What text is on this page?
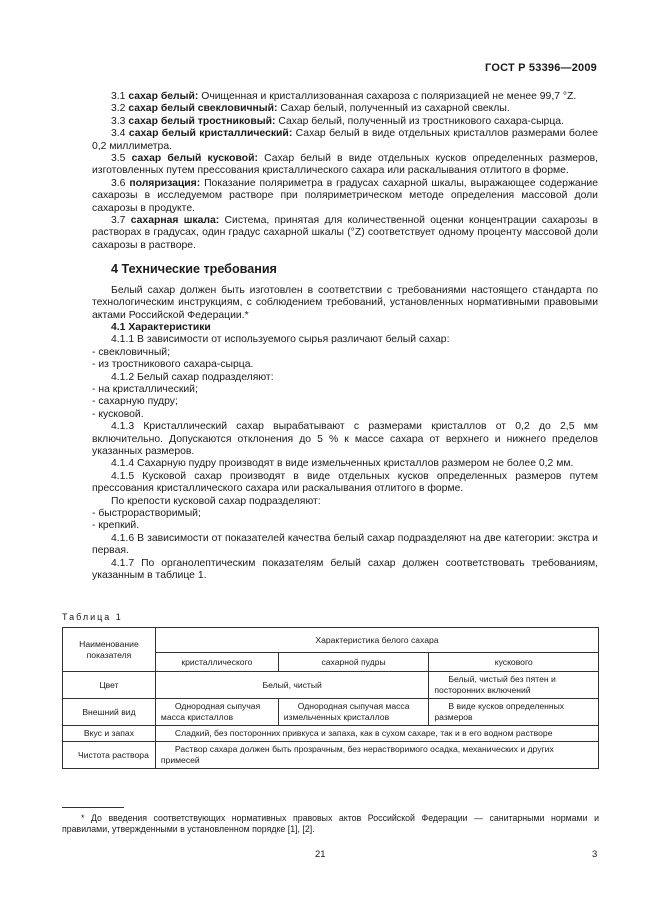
ГОСТ Р 53396—2009

3.1 сахар белый: Очищенная и кристаллизованная сахароза с поляризацией не менее 99,7 °Z.

3.2 сахар белый свекловичный: Сахар белый, полученный из сахарной свеклы.

3.3 сахар белый тростниковый: Сахар белый, полученный из тростникового сахара-сырца.

3.4 сахар белый кристаллический: Сахар белый в виде отдельных кристаллов размерами более 0,2 миллиметра.

3.5 сахар белый кусковой: Сахар белый в виде отдельных кусков определенных размеров, изготовленных путем прессования кристаллического сахара или раскалывания отлитого в форме.

3.6 поляризация: Показание поляриметра в градусах сахарной шкалы, выражающее содержание сахарозы в исследуемом растворе при поляриметрическом методе определения массовой доли сахарозы в продукте.

3.7 сахарная шкала: Система, принятая для количественной оценки концентрации сахарозы в растворах в градусах, один градус сахарной шкалы (°Z) соответствует одному проценту массовой доли сахарозы в растворе.

4 Технические требования

Белый сахар должен быть изготовлен в соответствии с требованиями настоящего стандарта по технологическим инструкциям, с соблюдением требований, установленных нормативными правовыми актами Российской Федерации.*

4.1 Характеристики

4.1.1 В зависимости от используемого сырья различают белый сахар:

- свекловичный;

- из тростникового сахара-сырца.

4.1.2 Белый сахар подразделяют:

- на кристаллический;

- сахарную пудру;

- кусковой.

4.1.3 Кристаллический сахар вырабатывают с размерами кристаллов от 0,2 до 2,5 мм включительно. Допускаются отклонения до 5 % к массе сахара от верхнего и нижнего пределов указанных размеров.

4.1.4 Сахарную пудру производят в виде измельченных кристаллов размером не более 0,2 мм.

4.1.5 Кусковой сахар производят в виде отдельных кусков определенных размеров путем прессования кристаллического сахара или раскалывания отлитого в форме.

По крепости кусковой сахар подразделяют:

- быстрорастворимый;

- крепкий.

4.1.6 В зависимости от показателей качества белый сахар подразделяют на две категории: экстра и первая.

4.1.7 По органолептическим показателям белый сахар должен соответствовать требованиям, указанным в таблице 1.

Таблица 1
Наименование показателя	Характеристика белого сахара		
	кристаллического	сахарной пудры	кускового
Цвет	Белый, чистый		Белый, чистый без пятен и посторонних включений
Внешний вид	Однородная сыпучая масса кристаллов	Однородная сыпучая масса измельченных кристаллов	В виде кусков определенных размеров
Вкус и запах	Сладкий, без посторонних привкуса и запаха, как в сухом сахаре, так и в его водном растворе		
Чистота раствора	Раствор сахара должен быть прозрачным, без нерастворимого осадка, механических и других примесей		
* До введения соответствующих нормативных правовых актов Российской Федерации — санитарными нормами и правилами, утвержденными в установленном порядке [1], [2].
21	3
